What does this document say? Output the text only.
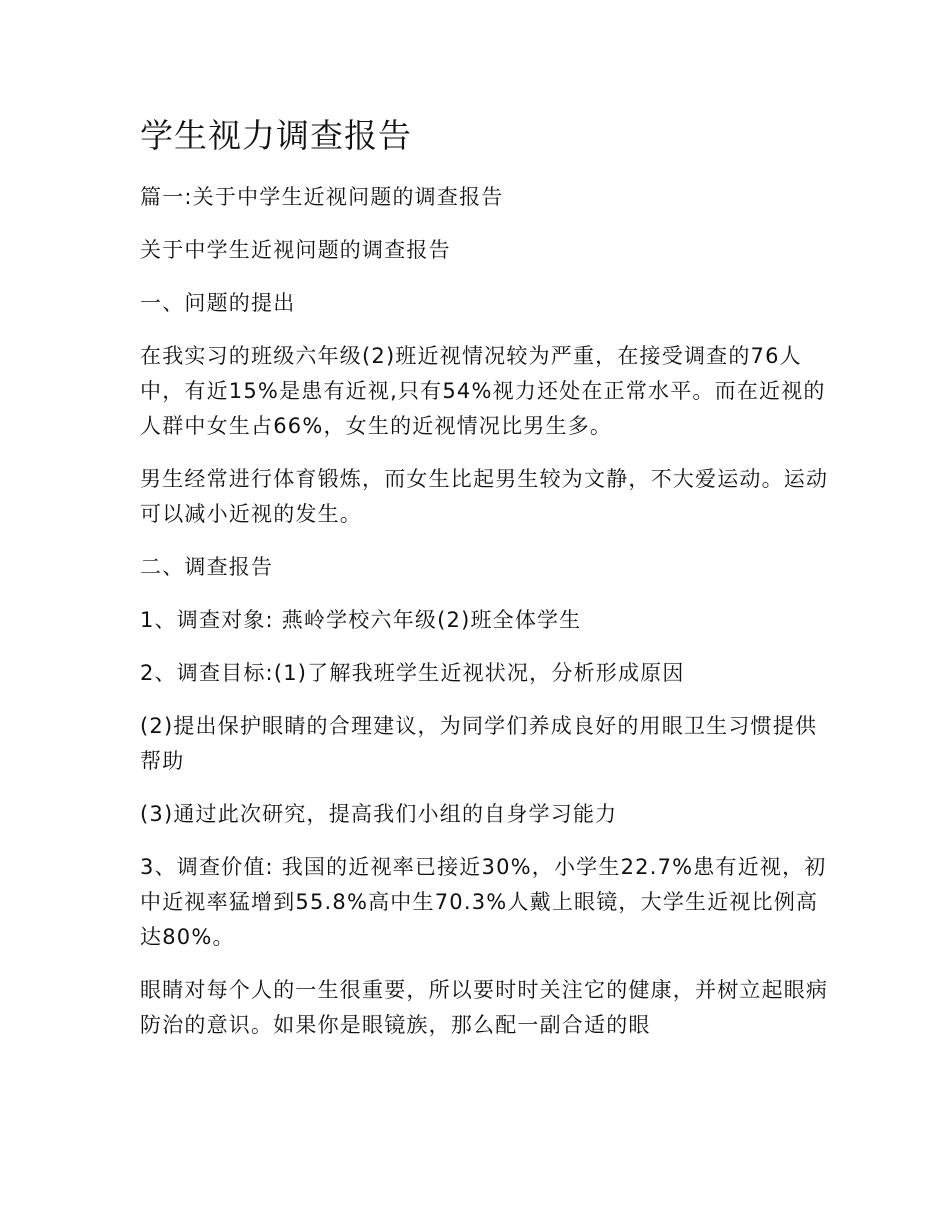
学生视力调查报告

篇一:关于中学生近视问题的调查报告

关于中学生近视问题的调查报告

一、问题的提出

在我实习的班级六年级(2)班近视情况较为严重，在接受调查的76人中，有近15%是患有近视,只有54%视力还处在正常水平。而在近视的人群中女生占66%，女生的近视情况比男生多。

男生经常进行体育锻炼，而女生比起男生较为文静，不大爱运动。运动可以减小近视的发生。

二、调查报告

1、调查对象: 燕岭学校六年级(2)班全体学生

2、调查目标:(1)了解我班学生近视状况，分析形成原因

(2)提出保护眼睛的合理建议，为同学们养成良好的用眼卫生习惯提供帮助

(3)通过此次研究，提高我们小组的自身学习能力

3、调查价值: 我国的近视率已接近30%，小学生22.7%患有近视，初中近视率猛增到55.8%高中生70.3%人戴上眼镜，大学生近视比例高达80%。

眼睛对每个人的一生很重要，所以要时时关注它的健康，并树立起眼病防治的意识。如果你是眼镜族，那么配一副合适的眼
